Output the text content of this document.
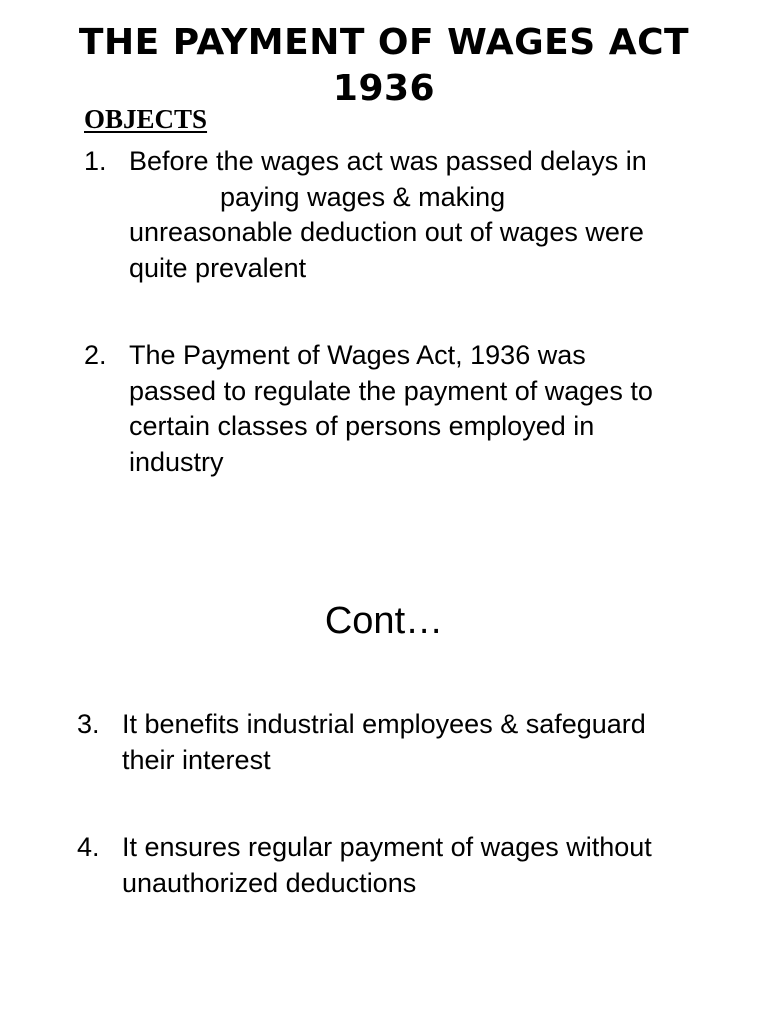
THE PAYMENT OF WAGES ACT
1936
OBJECTS
1. Before the wages act was passed delays in
paying wages & making
unreasonable deduction out of wages were
quite prevalent
2. The Payment of Wages Act, 1936 was
passed to regulate the payment of wages to
certain classes of persons employed in
industry
Cont…
3. It benefits industrial employees & safeguard
their interest
4. It ensures regular payment of wages without
unauthorized deductions
